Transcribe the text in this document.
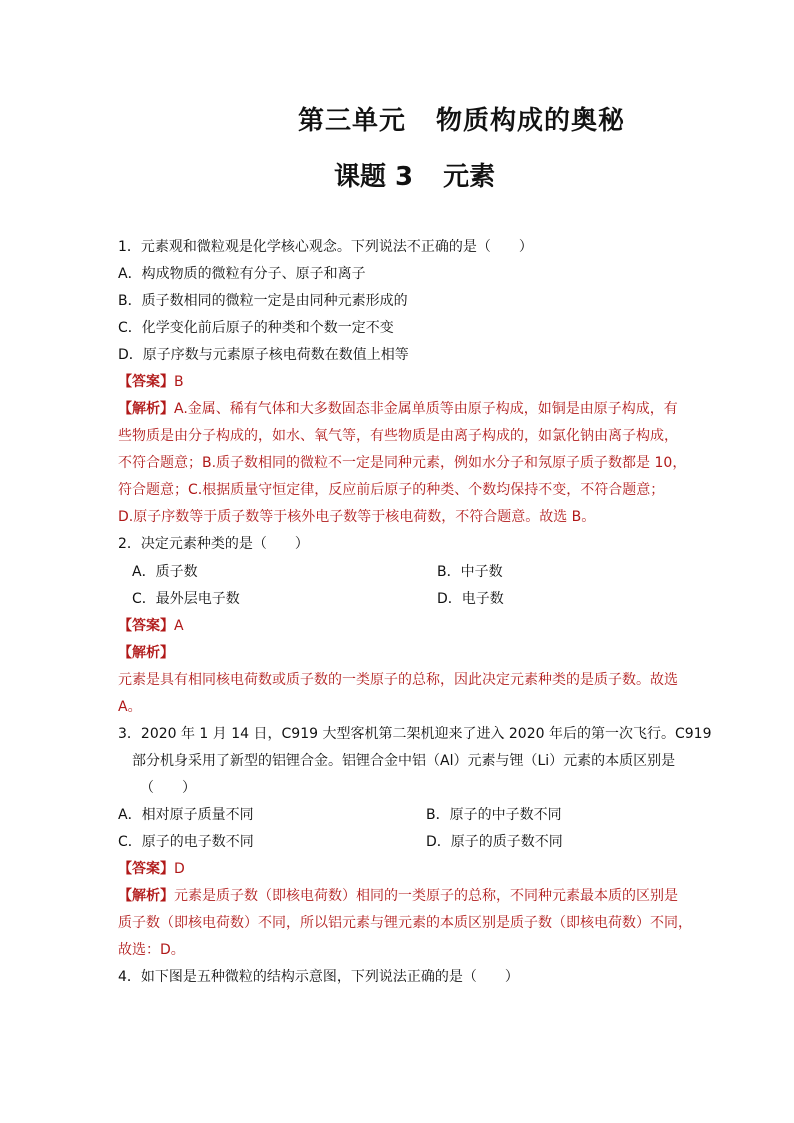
第三单元 物质构成的奥秘
课题 3 元素
1．元素观和微粒观是化学核心观念。下列说法不正确的是（　　）
A．构成物质的微粒有分子、原子和离子
B．质子数相同的微粒一定是由同种元素形成的
C．化学变化前后原子的种类和个数一定不变
D．原子序数与元素原子核电荷数在数值上相等
【答案】B
【解析】A.金属、稀有气体和大多数固态非金属单质等由原子构成，如铜是由原子构成，有
些物质是由分子构成的，如水、氧气等，有些物质是由离子构成的，如氯化钠由离子构成，
不符合题意；B.质子数相同的微粒不一定是同种元素，例如水分子和氖原子质子数都是 10，
符合题意；C.根据质量守恒定律，反应前后原子的种类、个数均保持不变，不符合题意；
D.原子序数等于质子数等于核外电子数等于核电荷数，不符合题意。故选 B。
2．决定元素种类的是（　　）
A．质子数	B．中子数
C．最外层电子数	D．电子数
【答案】A
【解析】
元素是具有相同核电荷数或质子数的一类原子的总称，因此决定元素种类的是质子数。故选
A。
3．2020 年 1 月 14 日，C919 大型客机第二架机迎来了进入 2020 年后的第一次飞行。C919
部分机身采用了新型的铝锂合金。铝锂合金中铝（Al）元素与锂（Li）元素的本质区别是
（　　）
A．相对原子质量不同	B．原子的中子数不同
C．原子的电子数不同	D．原子的质子数不同
【答案】D
【解析】元素是质子数（即核电荷数）相同的一类原子的总称，不同种元素最本质的区别是
质子数（即核电荷数）不同，所以铝元素与锂元素的本质区别是质子数（即核电荷数）不同，
故选：D。
4．如下图是五种微粒的结构示意图，下列说法正确的是（　　）
